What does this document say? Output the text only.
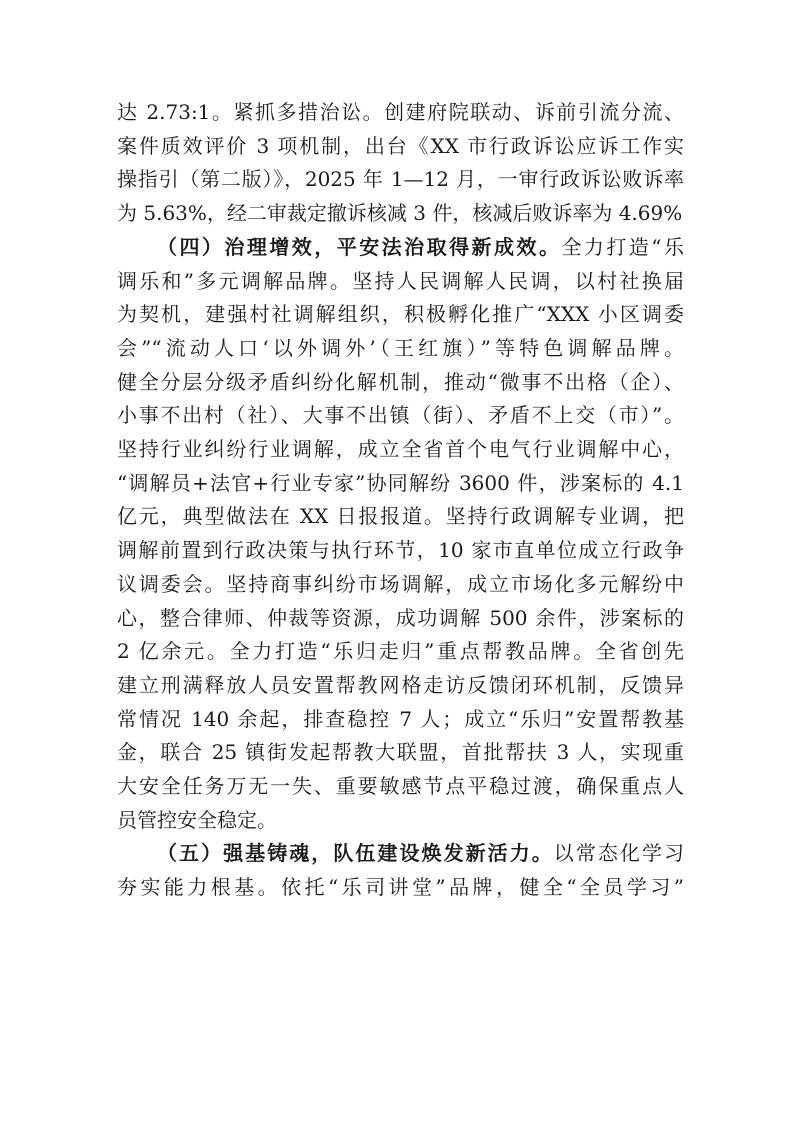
达 2.73:1。紧抓多措治讼。创建府院联动、诉前引流分流、
案件质效评价 3 项机制，出台《XX 市行政诉讼应诉工作实
操指引（第二版）》，2025 年 1—12 月，一审行政诉讼败诉率
为 5.63%，经二审裁定撤诉核减 3 件，核减后败诉率为 4.69%
（四）治理增效，平安法治取得新成效。全力打造“乐
调乐和”多元调解品牌。坚持人民调解人民调，以村社换届
为契机，建强村社调解组织，积极孵化推广“XXX 小区调委
会”“流动人口‘以外调外’（王红旗）”等特色调解品牌。
健全分层分级矛盾纠纷化解机制，推动“微事不出格（企）、
小事不出村（社）、大事不出镇（街）、矛盾不上交（市）”。
坚持行业纠纷行业调解，成立全省首个电气行业调解中心，
“调解员+法官+行业专家”协同解纷 3600 件，涉案标的 4.1
亿元，典型做法在 XX 日报报道。坚持行政调解专业调，把
调解前置到行政决策与执行环节，10 家市直单位成立行政争
议调委会。坚持商事纠纷市场调解，成立市场化多元解纷中
心，整合律师、仲裁等资源，成功调解 500 余件，涉案标的
2 亿余元。全力打造“乐归走归”重点帮教品牌。全省创先
建立刑满释放人员安置帮教网格走访反馈闭环机制，反馈异
常情况 140 余起，排查稳控 7 人；成立“乐归”安置帮教基
金，联合 25 镇街发起帮教大联盟，首批帮扶 3 人，实现重
大安全任务万无一失、重要敏感节点平稳过渡，确保重点人
员管控安全稳定。
（五）强基铸魂，队伍建设焕发新活力。以常态化学习
夯实能力根基。依托“乐司讲堂”品牌，健全“全员学习”
